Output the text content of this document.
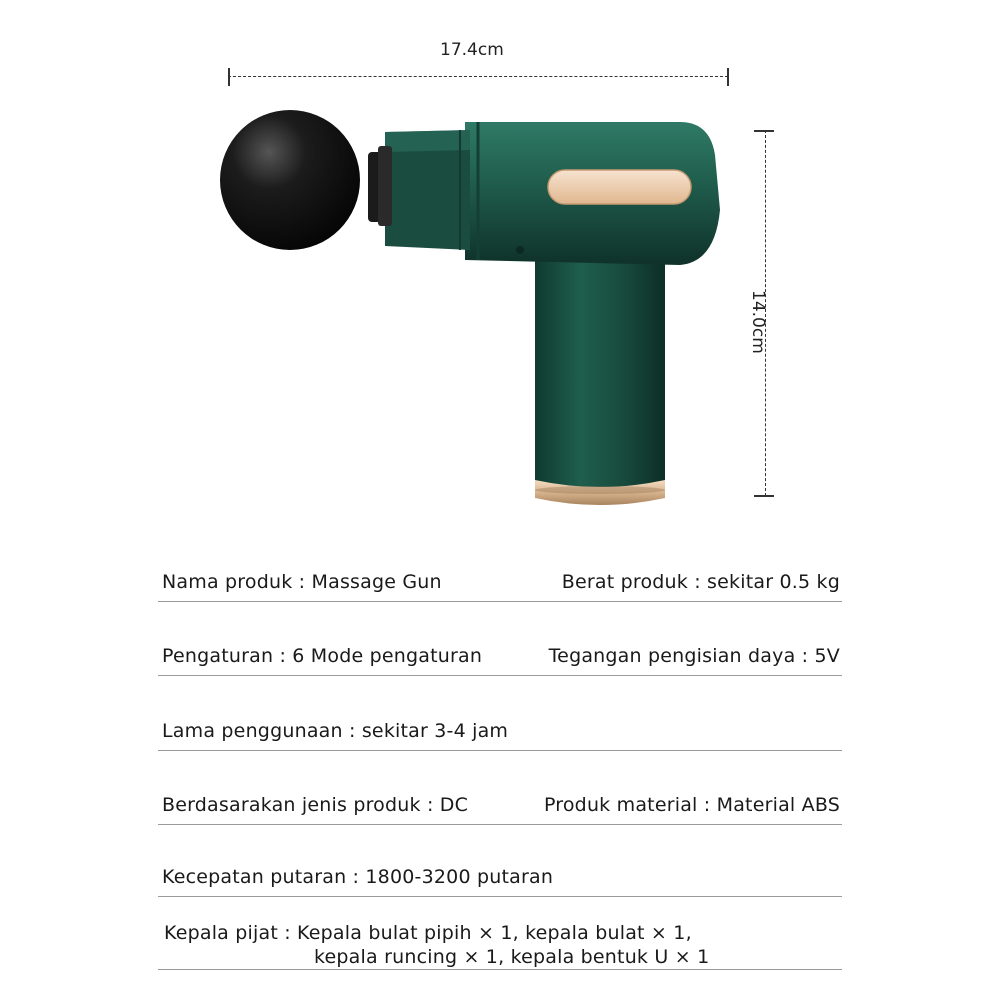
17.4cm
14.0cm
Nama produk : Massage Gun	Berat produk : sekitar 0.5 kg
Pengaturan : 6 Mode pengaturan	Tegangan pengisian daya : 5V
Lama penggunaan : sekitar 3-4 jam
Berdasarakan jenis produk : DC	Produk material : Material ABS
Kecepatan putaran : 1800-3200 putaran
Kepala pijat : Kepala bulat pipih × 1, kepala bulat × 1,
kepala runcing × 1, kepala bentuk U × 1
